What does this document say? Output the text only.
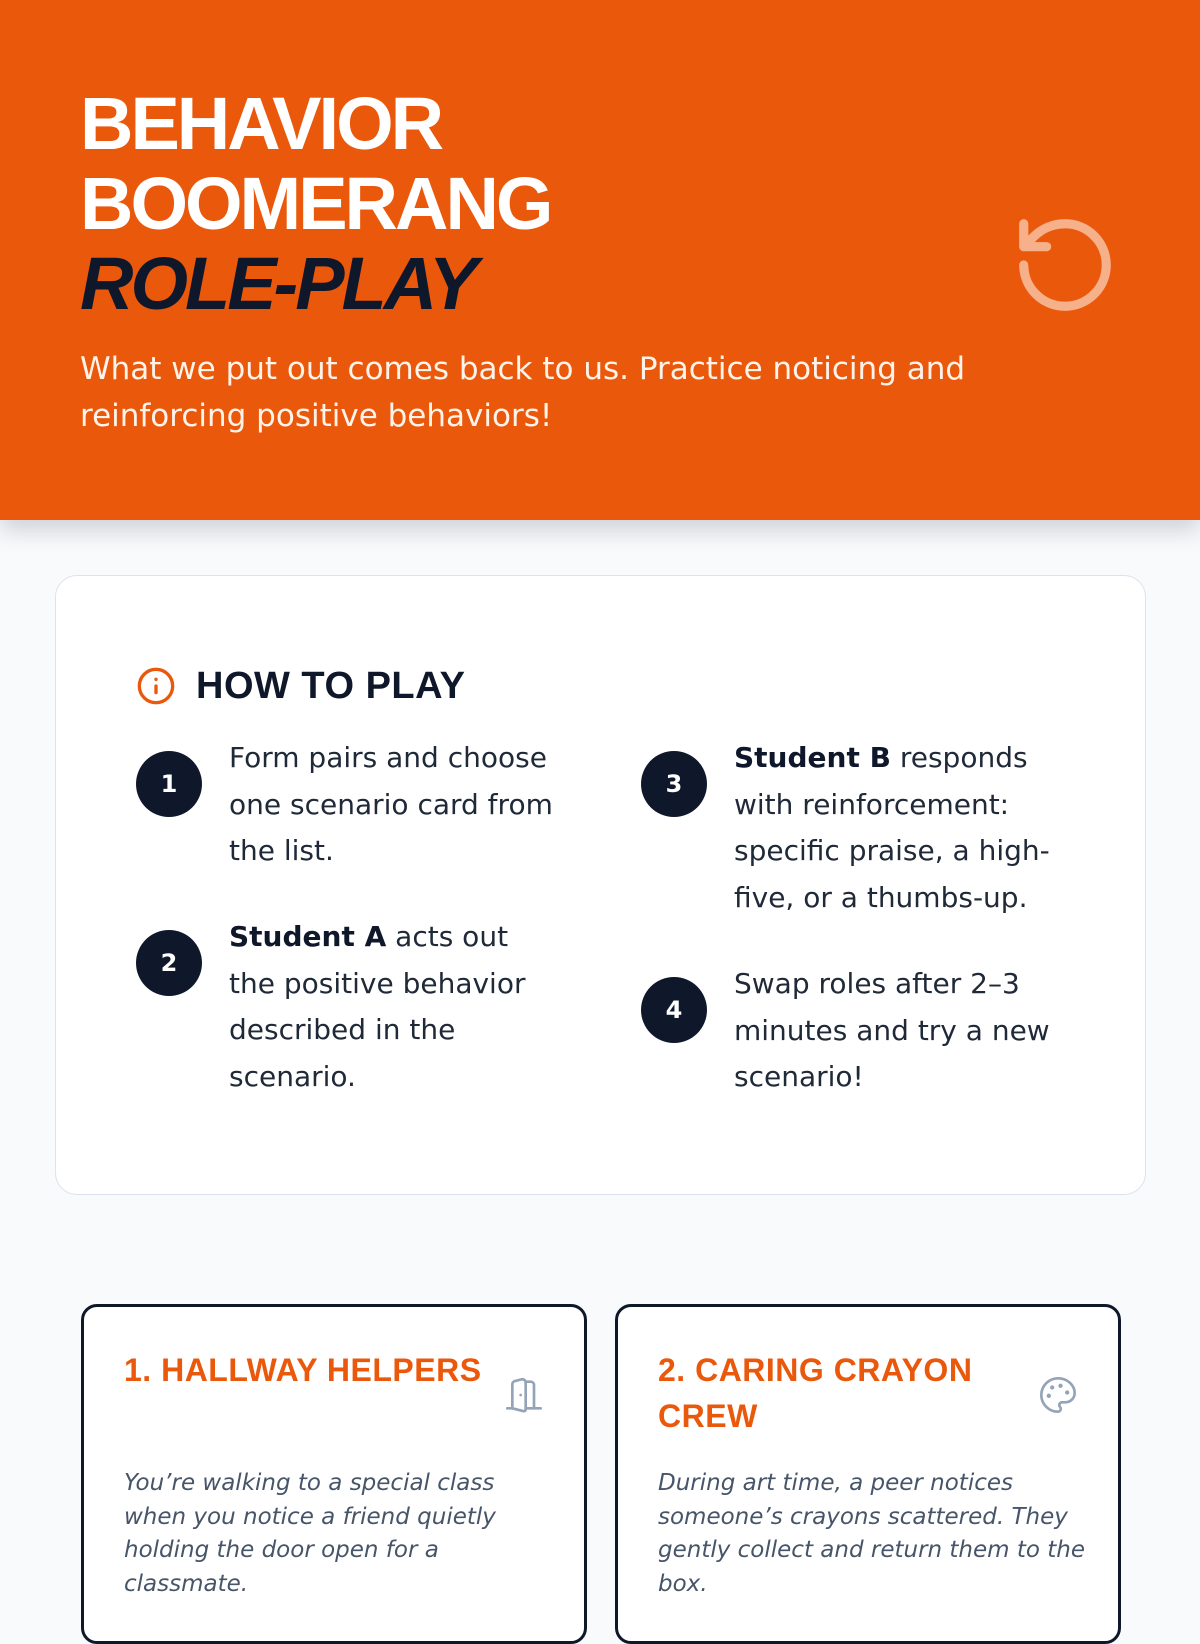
BEHAVIOR
BOOMERANG
ROLE-PLAY

What we put out comes back to us. Practice noticing and reinforcing positive behaviors!

HOW TO PLAY
1
Form pairs and choose one scenario card from the list.
2
Student A acts out the positive behavior described in the scenario.
3
Student B responds with reinforcement: specific praise, a high-five, or a thumbs-up.
4
Swap roles after 2–3 minutes and try a new scenario!
1. HALLWAY HELPERS

You’re walking to a special class when you notice a friend quietly holding the door open for a classmate.

2. CARING CRAYON CREW

During art time, a peer notices someone’s crayons scattered. They gently collect and return them to the box.
